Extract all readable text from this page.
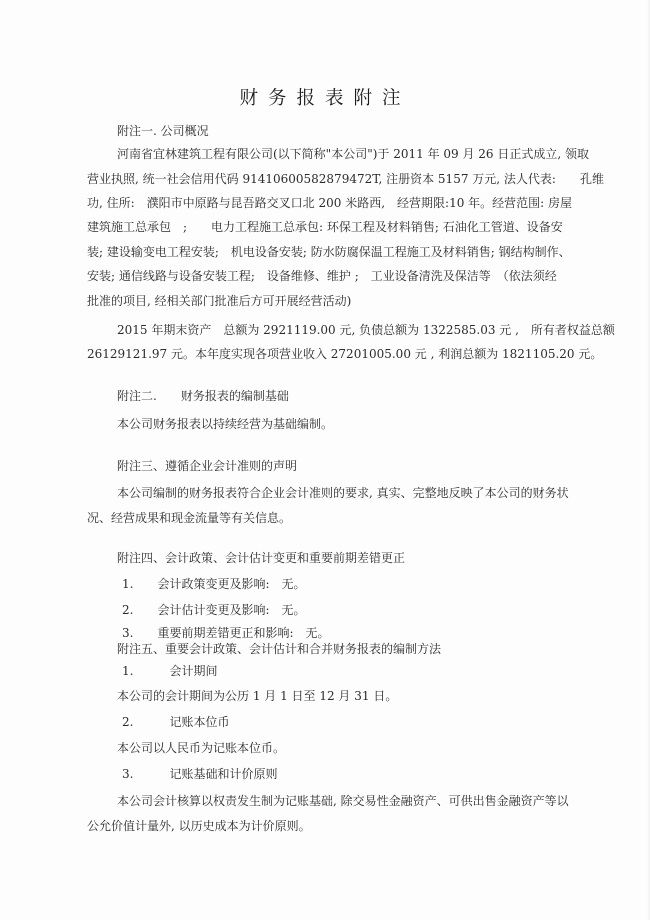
财务报表附注
附注一. 公司概况
河南省宜林建筑工程有限公司(以下简称"本公司")于 2011 年 09 月 26 日正式成立, 领取
营业执照, 统一社会信用代码 91410600582879472T, 注册资本 5157 万元, 法人代表:　　孔维
功, 住所:　濮阳市中原路与昆吾路交叉口北 200 米路西,　经营期限:10 年。经营范围: 房屋
建筑施工总承包　;　　电力工程施工总承包: 环保工程及材料销售; 石油化工管道、设备安
装; 建设输变电工程安装;　机电设备安装; 防水防腐保温工程施工及材料销售; 钢结构制作、
安装; 通信线路与设备安装工程;　设备维修、维护 ;　工业设备清洗及保洁等　（依法须经
批准的项目, 经相关部门批准后方可开展经营活动)
2015 年期末资产　总额为 2921119.00 元, 负债总额为 1322585.03 元 ,　所有者权益总额
26129121.97 元。本年度实现各项营业收入 27201005.00 元 , 利润总额为 1821105.20 元。
附注二.　　财务报表的编制基础
本公司财务报表以持续经营为基础编制。
附注三、遵循企业会计准则的声明
本公司编制的财务报表符合企业会计准则的要求, 真实、完整地反映了本公司的财务状
况、经营成果和现金流量等有关信息。
附注四、会计政策、会计估计变更和重要前期差错更正
1.　　会计政策变更及影响:　无。
2.　　会计估计变更及影响:　无。
3.　　重要前期差错更正和影响:　无。
附注五、重要会计政策、会计估计和合并财务报表的编制方法
1.　　　会计期间
本公司的会计期间为公历 1 月 1 日至 12 月 31 日。
2.　　　记账本位币
本公司以人民币为记账本位币。
3.　　　记账基础和计价原则
本公司会计核算以权责发生制为记账基础, 除交易性金融资产、可供出售金融资产等以
公允价值计量外, 以历史成本为计价原则。
